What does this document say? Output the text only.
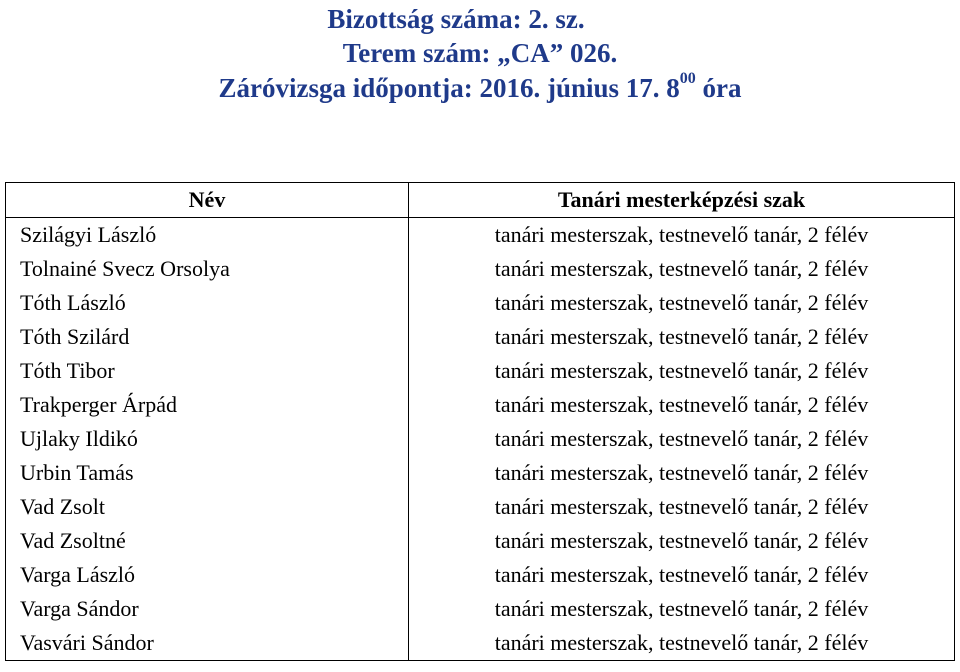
Bizottság száma: 2. sz.
Terem szám: „CA” 026.
Záróvizsga időpontja: 2016. június 17. $8^{00}$ óra
Név	Tanári mesterképzési szak
Szilágyi László	tanári mesterszak, testnevelő tanár, 2 félév
Tolnainé Svecz Orsolya	tanári mesterszak, testnevelő tanár, 2 félév
Tóth László	tanári mesterszak, testnevelő tanár, 2 félév
Tóth Szilárd	tanári mesterszak, testnevelő tanár, 2 félév
Tóth Tibor	tanári mesterszak, testnevelő tanár, 2 félév
Trakperger Árpád	tanári mesterszak, testnevelő tanár, 2 félév
Ujlaky Ildikó	tanári mesterszak, testnevelő tanár, 2 félév
Urbin Tamás	tanári mesterszak, testnevelő tanár, 2 félév
Vad Zsolt	tanári mesterszak, testnevelő tanár, 2 félév
Vad Zsoltné	tanári mesterszak, testnevelő tanár, 2 félév
Varga László	tanári mesterszak, testnevelő tanár, 2 félév
Varga Sándor	tanári mesterszak, testnevelő tanár, 2 félév
Vasvári Sándor	tanári mesterszak, testnevelő tanár, 2 félév
